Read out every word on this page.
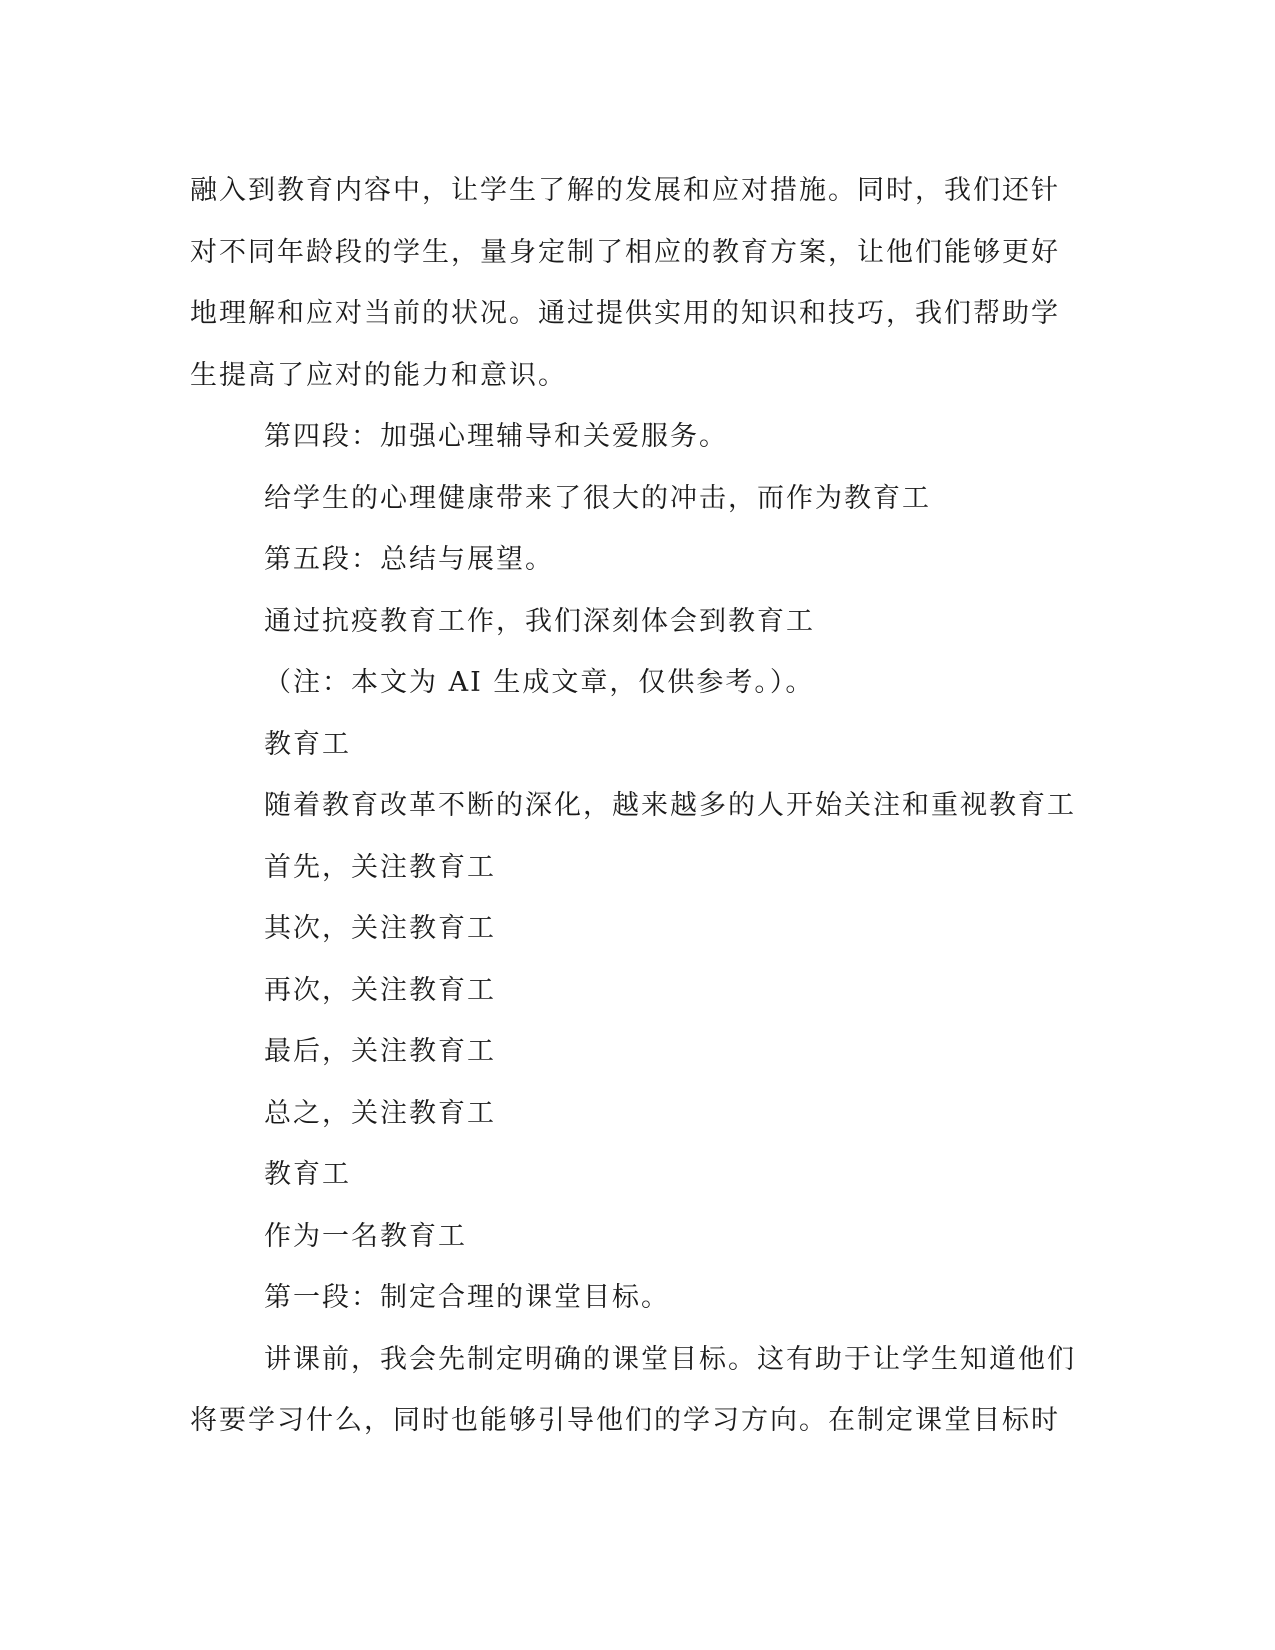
融入到教育内容中，让学生了解的发展和应对措施。同时，我们还针

对不同年龄段的学生，量身定制了相应的教育方案，让他们能够更好

地理解和应对当前的状况。通过提供实用的知识和技巧，我们帮助学

生提高了应对的能力和意识。

第四段：加强心理辅导和关爱服务。

给学生的心理健康带来了很大的冲击，而作为教育工

第五段：总结与展望。

通过抗疫教育工作，我们深刻体会到教育工

（注：本文为 AI 生成文章，仅供参考。）。

教育工

随着教育改革不断的深化，越来越多的人开始关注和重视教育工

首先，关注教育工

其次，关注教育工

再次，关注教育工

最后，关注教育工

总之，关注教育工

教育工

作为一名教育工

第一段：制定合理的课堂目标。

讲课前，我会先制定明确的课堂目标。这有助于让学生知道他们

将要学习什么，同时也能够引导他们的学习方向。在制定课堂目标时
